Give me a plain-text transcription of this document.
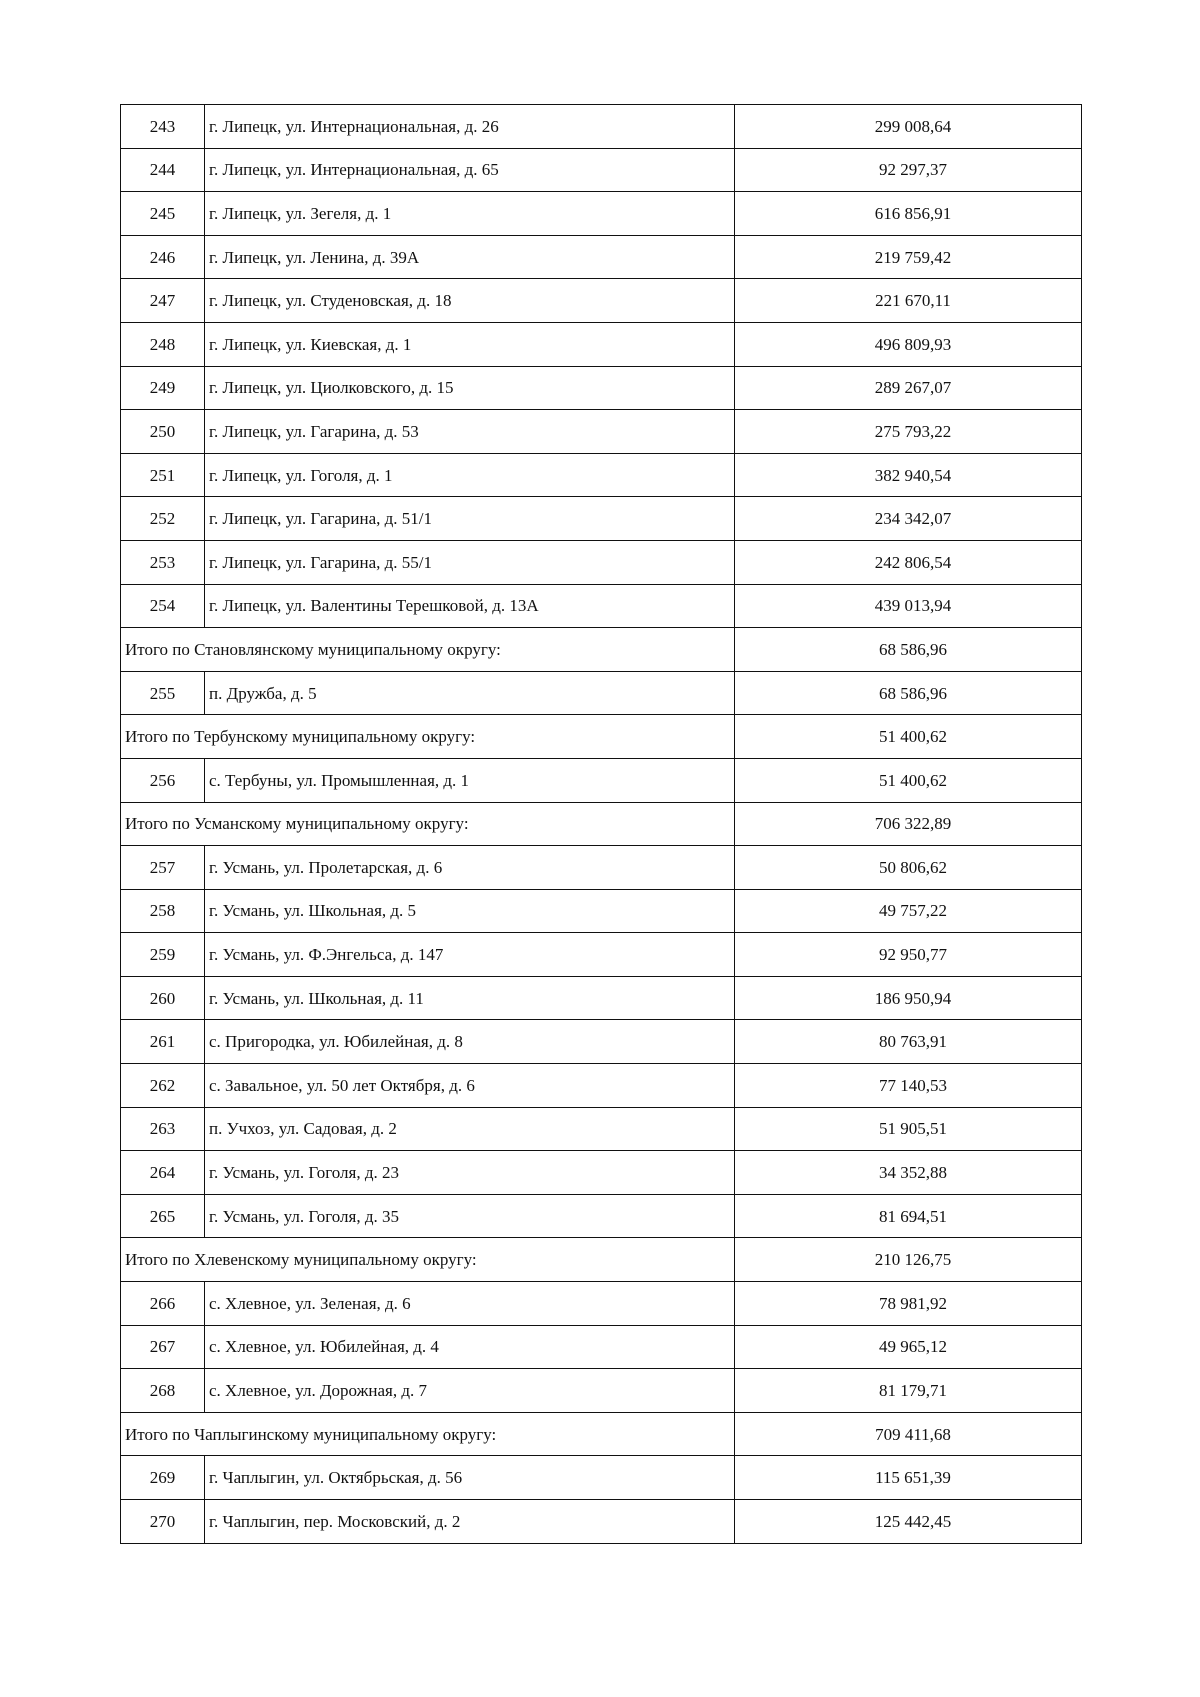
243	г. Липецк, ул. Интернациональная, д. 26	299 008,64
244	г. Липецк, ул. Интернациональная, д. 65	92 297,37
245	г. Липецк, ул. Зегеля, д. 1	616 856,91
246	г. Липецк, ул. Ленина, д. 39А	219 759,42
247	г. Липецк, ул. Студеновская, д. 18	221 670,11
248	г. Липецк, ул. Киевская, д. 1	496 809,93
249	г. Липецк, ул. Циолковского, д. 15	289 267,07
250	г. Липецк, ул. Гагарина, д. 53	275 793,22
251	г. Липецк, ул. Гоголя, д. 1	382 940,54
252	г. Липецк, ул. Гагарина, д. 51/1	234 342,07
253	г. Липецк, ул. Гагарина, д. 55/1	242 806,54
254	г. Липецк, ул. Валентины Терешковой, д. 13А	439 013,94
Итого по Становлянскому муниципальному округу:		68 586,96
255	п. Дружба, д. 5	68 586,96
Итого по Тербунскому муниципальному округу:		51 400,62
256	с. Тербуны, ул. Промышленная, д. 1	51 400,62
Итого по Усманскому муниципальному округу:		706 322,89
257	г. Усмань, ул. Пролетарская, д. 6	50 806,62
258	г. Усмань, ул. Школьная, д. 5	49 757,22
259	г. Усмань, ул. Ф.Энгельса, д. 147	92 950,77
260	г. Усмань, ул. Школьная, д. 11	186 950,94
261	с. Пригородка, ул. Юбилейная, д. 8	80 763,91
262	с. Завальное, ул. 50 лет Октября, д. 6	77 140,53
263	п. Учхоз, ул. Садовая, д. 2	51 905,51
264	г. Усмань, ул. Гоголя, д. 23	34 352,88
265	г. Усмань, ул. Гоголя, д. 35	81 694,51
Итого по Хлевенскому муниципальному округу:		210 126,75
266	с. Хлевное, ул. Зеленая, д. 6	78 981,92
267	с. Хлевное, ул. Юбилейная, д. 4	49 965,12
268	с. Хлевное, ул. Дорожная, д. 7	81 179,71
Итого по Чаплыгинскому муниципальному округу:		709 411,68
269	г. Чаплыгин, ул. Октябрьская, д. 56	115 651,39
270	г. Чаплыгин, пер. Московский, д. 2	125 442,45
